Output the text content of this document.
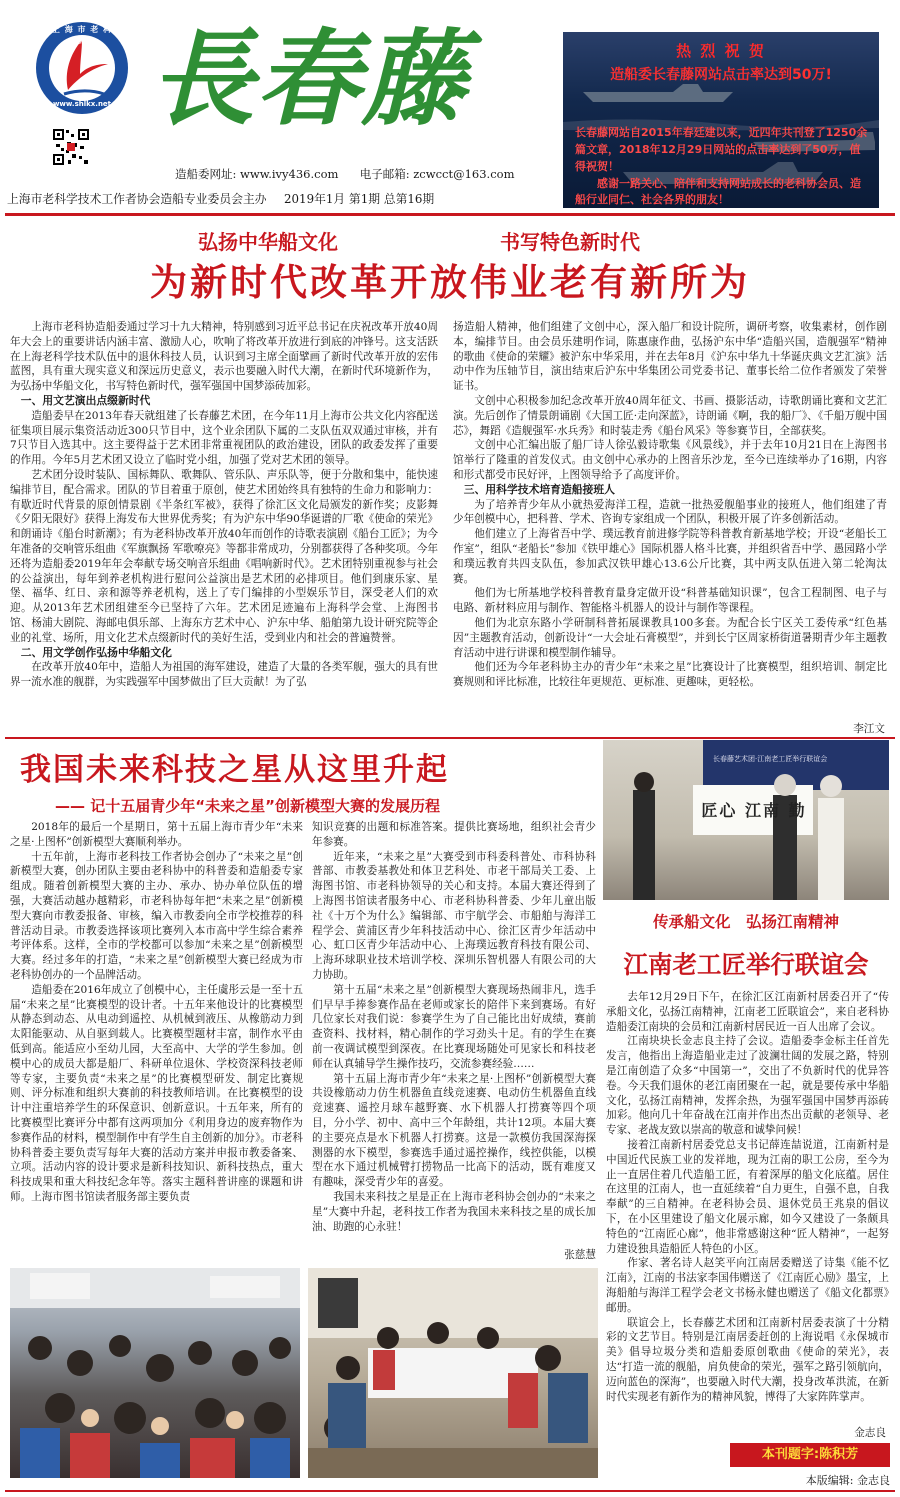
上 海 市 老 科 协
www.shlkx.net 長春藤
造船委网址: www.ivy436.com 电子邮箱: zcwcct@163.com
上海市老科学技术工作者协会造船专业委员会主办 2019年1月 第1期 总第16期
热 烈 祝 贺
造船委长春藤网站点击率达到50万!
长春藤网站自2015年春廷建以来，近四年共刊登了1250余篇文章，2018年12月29日网站的点击率达到了50万，值得祝贺！
感谢一路关心、陪伴和支持网站成长的老科协会员、造船行业同仁、社会各界的朋友！
弘扬中华船文化	书写特色新时代
为新时代改革开放伟业老有新所为

上海市老科协造船委通过学习十九大精神，特别感到习近平总书记在庆祝改革开放40周年大会上的重要讲话内涵丰富、激励人心，吹响了将改革开放进行到底的冲锋号。这支活跃在上海老科学技术队伍中的退休科技人员，认识到习主席全面擘画了新时代改革开放的宏伟蓝图，具有重大现实意义和深远历史意义，表示也要融入时代大潮，在新时代环境新作为，为弘扬中华船文化，书写特色新时代，强军强国中国梦添砖加彩。

一、用文艺演出点缀新时代

造船委早在2013年春天就组建了长春藤艺术团，在今年11月上海市公共文化内容配送征集项目展示集资活动近300只节目中，这个业余团队下属的二支队伍双双通过审核，并有7只节目入选其中。这主要得益于艺术团非常重视团队的政治建设，团队的政委发挥了重要的作用。今年5月艺术团又设立了临时党小组，加强了党对艺术团的领导。

艺术团分设时装队、国标舞队、歌舞队、管乐队、声乐队等，便于分散和集中，能快速编排节目，配合需求。团队的节目着重于原创，使艺术团始终具有独特的生命力和影响力：有歇近时代背景的原创情景剧《半条红军被》，获得了徐汇区文化局颁发的新作奖；皮影舞《夕阳无限好》获得上海发布大世界优秀奖；有为沪东中华90华诞谱的厂歌《使命的荣光》和朗诵诗《船台时新潮》；有为老科协改革开放40年而创作的诗歌表演剧《船台工匠》；为今年准备的交响管乐组曲《军旗飘扬 军歌嘹亮》等都非常成功，分别都获得了各种奖项。今年还将为造船委2019年年会奉献专场交响音乐组曲《唱响新时代》。艺术团特别重视参与社会的公益演出，每年到养老机构进行慰问公益演出是艺术团的必排项目。他们到康乐家、星堡、福华、红日、亲和源等养老机构，送上了专门编排的小型娱乐节目，深受老人们的欢迎。从2013年艺术团组建至今已坚持了六年。艺术团足迹遍布上海科学会堂、上海图书馆、杨浦大剧院、海邮电俱乐部、上海东方艺术中心、沪东中华、船舶第九设计研究院等企业的礼堂、场所，用文化艺术点缀新时代的美好生活，受到业内和社会的普遍赞誉。

二、用文学创作弘扬中华船文化

在改革开放40年中，造船人为祖国的海军建设，建造了大量的各类军舰，强大的具有世界一流水准的舰群，为实践强军中国梦做出了巨大贡献！为了弘

扬造船人精神，他们组建了文创中心，深入船厂和设计院所，调研考察，收集素材，创作剧本，编排节目。由会员乐建明作词，陈惠康作曲，弘扬沪东中华“造船兴国，造舰强军”精神的歌曲《使命的荣耀》被沪东中华采用，并在去年8月《沪东中华九十华诞庆典文艺汇演》活动中作为压轴节目，演出结束后沪东中华集团公司党委书记、董事长给二位作者颁发了荣誉证书。

文创中心积极参加纪念改革开放40周年征文、书画、摄影活动，诗歌朗诵比赛和文艺汇演。先后创作了情景朗诵剧《大国工匠·走向深蓝》，诗朗诵《啊，我的船厂》、《千船万舰中国芯》，舞蹈《造舰强军·水兵秀》和时装走秀《船台风采》等参赛节目，全部获奖。

文创中心汇编出版了船厂诗人徐弘毅诗歌集《风景线》，并于去年10月21日在上海图书馆举行了隆重的首发仪式。由文创中心承办的上图音乐沙龙，至今已连续举办了16期，内容和形式都受市民好评，上图领导给予了高度评价。

三、用科学技术培育造船接班人

为了培养青少年从小就热爱海洋工程，造就一批热爱舰船事业的接班人，他们组建了青少年创模中心，把科普、学术、咨询专家组成一个团队，积极开展了许多创新活动。

他们建立了上海省吾中学、璞远教育前进修学院等科普教育新基地学校；开设“老船长工作室”，组队“老船长”参加《铁甲雄心》国际机器人格斗比赛，并组织省吾中学、愚园路小学和璞远教育共四支队伍，参加武汉铁甲雄心13.6公斤比赛，其中两支队伍进入第二轮淘汰赛。

他们为七所基地学校科普教育量身定做开设“科普基础知识课”，包含工程制图、电子与电路、新材料应用与制作、智能格斗机器人的设计与制作等课程。

他们为北京东路小学研制科普拓展课教具100多套。为配合长宁区关工委传承“红色基因”主题教育活动，创新设计“一大会址石膏模型”，并到长宁区周家桥街道暑期青少年主题教育活动中进行讲课和模型制作辅导。

他们还为今年老科协主办的青少年“未来之星”比赛设计了比赛模型，组织培训、制定比赛规则和评比标准，比较往年更规范、更标准、更趣味，更轻松。

李江文
我国未来科技之星从这里升起
—— 记十五届青少年“未来之星”创新模型大赛的发展历程

2018年的最后一个星期日，第十五届上海市青少年“未来之星·上图杯”创新模型大赛顺利举办。

十五年前，上海市老科技工作者协会创办了“未来之星”创新模型大赛，创办团队主要由老科协中的科普委和造船委专家组成。随着创新模型大赛的主办、承办、协办单位队伍的增强，大赛活动越办越精彩，市老科协每年把“未来之星”创新模型大赛向市教委报备、审核，编入市教委向全市学校推荐的科普活动目录。市教委选择该项比赛列入本市高中学生综合素养考评体系。这样，全市的学校都可以参加“未来之星”创新模型大赛。经过多年的打造，“未来之星”创新模型大赛已经成为市老科协创办的一个品牌活动。

造船委在2016年成立了创模中心，主任虞彤云是一至十五届“未来之星”比赛模型的设计者。十五年来他设计的比赛模型从静态到动态、从电动到遥控、从机械到液压、从橡筋动力到太阳能驱动、从自驱到载人。比赛模型题材丰富，制作水平由低到高。能适应小至幼儿园，大至高中、大学的学生参加。创模中心的成员大都是船厂、科研单位退休、学校资深科技老师等专家，主要负责“未来之星”的比赛模型研发、制定比赛规则、评分标准和组织大赛前的科技教师培训。在比赛模型的设计中注重培养学生的环保意识、创新意识。十五年来，所有的比赛模型比赛评分中都有这两项加分《利用身边的废弃物作为参赛作品的材料，模型制作中有学生自主创新的加分》。市老科协科普委主要负责写每年大赛的活动方案并申报市教委备案、立项。活动内容的设计要求是新科技知识、新科技热点，重大科技成果和重大科技纪念年等。落实主题科普讲座的课题和讲师。上海市图书馆读者服务部主要负责

知识竞赛的出题和标准答案。提供比赛场地，组织社会青少年参赛。

近年来，“未来之星”大赛受到市科委科普处、市科协科普部、市教委基教处和体卫艺科处、市老干部局关工委、上海图书馆、市老科协领导的关心和支持。本届大赛还得到了上海图书馆读者服务中心、市老科协科普委、少年儿童出版社《十万个为什么》编辑部、市宇航学会、市船舶与海洋工程学会、黄浦区青少年科技活动中心、徐汇区青少年活动中心、虹口区青少年活动中心、上海璞远教育科技有限公司、上海环球职业技术培训学校、深圳乐智机器人有限公司的大力协助。

第十五届“未来之星”创新模型大赛现场热闹非凡，选手们早早手捧参赛作品在老师或家长的陪伴下来到赛场。有好几位家长对我们说：参赛学生为了自己能比出好成绩，赛前查资料、找材料，精心制作的学习劲头十足。有的学生在赛前一夜调试模型到深夜。在比赛现场随处可见家长和科技老师在认真辅导学生操作技巧，交流参赛经验……

第十五届上海市青少年“未来之星·上图杯”创新模型大赛共设橡筋动力仿生机器鱼直线竞速赛、电动仿生机器鱼直线竞速赛、遥控月球车越野赛、水下机器人打捞赛等四个项目，分小学、初中、高中三个年龄组，共计12项。本届大赛的主要亮点是水下机器人打捞赛。这是一款模仿我国深海探测器的水下模型，参赛选手通过遥控操作，线控供能，以模型在水下通过机械臂打捞物品一比高下的活动，既有难度又有趣味，深受青少年的喜爱。

我国未来科技之星是正在上海市老科协会创办的“未来之星”大赛中升起，老科技工作者为我国未来科技之星的成长加油、助跑的心永驻！

张慈慧
长春藤艺术团·江南老工匠举行联谊会
匠心 江南 勤
传承船文化　弘扬江南精神
江南老工匠举行联谊会

去年12月29日下午，在徐汇区江南新村居委召开了“传承船文化，弘扬江南精神，江南老工匠联谊会”，来自老科协造船委江南块的会员和江南新村居民近一百人出席了会议。

江南块块长金志良主持了会议。造船委李金标主任首先发言，他指出上海造船业走过了波澜壮阔的发展之路，特别是江南创造了众多“中国第一”，交出了不负新时代的优异答卷。今天我们退休的老江南团聚在一起，就是要传承中华船文化，弘扬江南精神，发挥余热，为强军强国中国梦再添砖加彩。他向几十年奋战在江南并作出杰出贡献的老领导、老专家、老战友致以崇高的敬意和诚挚问候！

接着江南新村居委党总支书记薛连喆说道，江南新村是中国近代民族工业的发祥地，现为江南的职工公房，至今为止一直居住着几代造船工匠，有着深厚的船文化底蕴。居住在这里的江南人，也一直延续着“自力更生，自强不息，自我奉献”的三自精神。在老科协会员、退休党员王兆泉的倡议下，在小区里建设了船文化展示廊，如今又建设了一条颇具特色的“江南匠心廊”，他非常感谢这种“匠人精神”，一起努力建设独具造船匠人特色的小区。

作家、著名诗人赵笑平向江南居委赠送了诗集《能不忆江南》，江南的书法家李国伟赠送了《江南匠心励》墨宝，上海船舶与海洋工程学会老文书杨永健也赠送了《船文化都票》邮册。

联谊会上，长春藤艺术团和江南新村居委表演了十分精彩的文艺节目。特别是江南居委赶创的上海说唱《永保城市美》倡导垃圾分类和造船委原创歌曲《使命的荣光》，表达“打造一流的舰船，肩负使命的荣光，强军之路引领航向，迈向蓝色的深海”，也要融入时代大潮，投身改革洪流，在新时代实现老有新作为的精神风貌，博得了大家阵阵掌声。

金志良
本刊题字:陈积芳
本版编辑: 金志良
